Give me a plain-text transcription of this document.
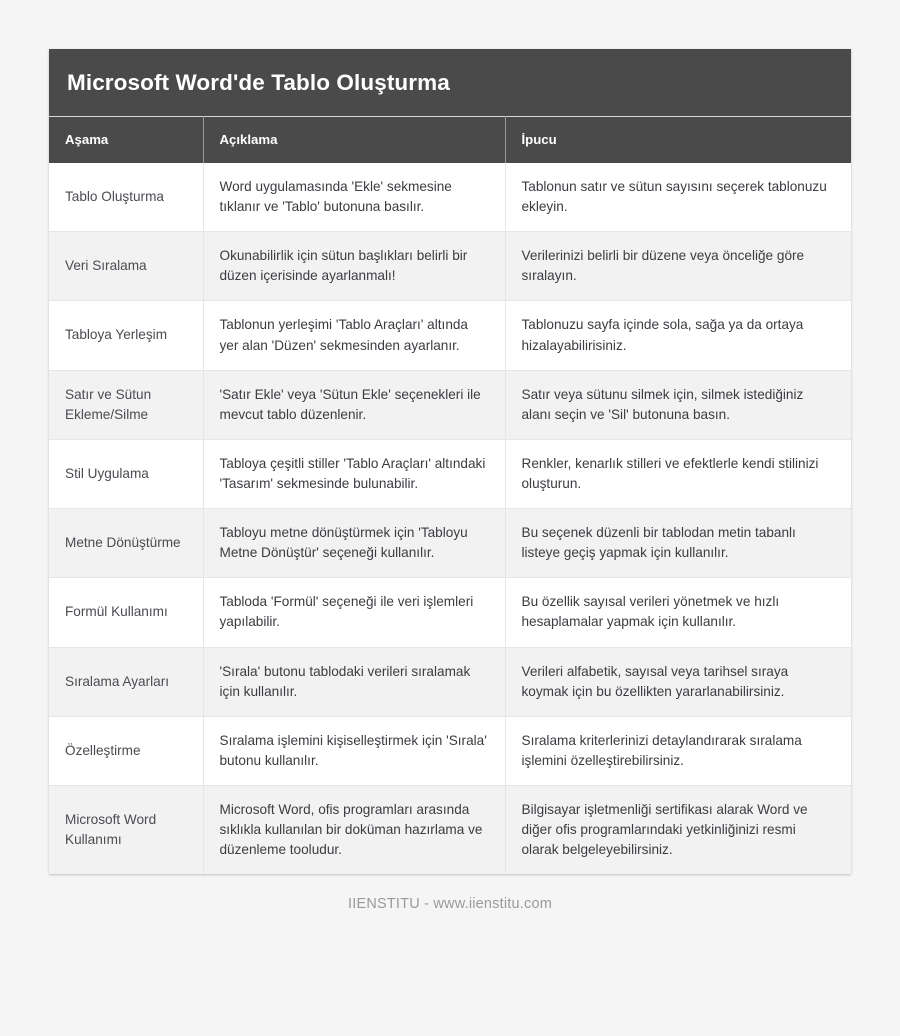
Microsoft Word'de Tablo Oluşturma
Aşama	Açıklama	İpucu
Tablo Oluşturma	Word uygulamasında 'Ekle' sekmesine tıklanır ve 'Tablo' butonuna basılır.	Tablonun satır ve sütun sayısını seçerek tablonuzu ekleyin.
Veri Sıralama	Okunabilirlik için sütun başlıkları belirli bir düzen içerisinde ayarlanmalı!	Verilerinizi belirli bir düzene veya önceliğe göre sıralayın.
Tabloya Yerleşim	Tablonun yerleşimi 'Tablo Araçları' altında yer alan 'Düzen' sekmesinden ayarlanır.	Tablonuzu sayfa içinde sola, sağa ya da ortaya hizalayabilirisiniz.
Satır ve Sütun Ekleme/Silme	'Satır Ekle' veya 'Sütun Ekle' seçenekleri ile mevcut tablo düzenlenir.	Satır veya sütunu silmek için, silmek istediğiniz alanı seçin ve 'Sil' butonuna basın.
Stil Uygulama	Tabloya çeşitli stiller 'Tablo Araçları' altındaki 'Tasarım' sekmesinde bulunabilir.	Renkler, kenarlık stilleri ve efektlerle kendi stilinizi oluşturun.
Metne Dönüştürme	Tabloyu metne dönüştürmek için 'Tabloyu Metne Dönüştür' seçeneği kullanılır.	Bu seçenek düzenli bir tablodan metin tabanlı listeye geçiş yapmak için kullanılır.
Formül Kullanımı	Tabloda 'Formül' seçeneği ile veri işlemleri yapılabilir.	Bu özellik sayısal verileri yönetmek ve hızlı hesaplamalar yapmak için kullanılır.
Sıralama Ayarları	'Sırala' butonu tablodaki verileri sıralamak için kullanılır.	Verileri alfabetik, sayısal veya tarihsel sıraya koymak için bu özellikten yararlanabilirsiniz.
Özelleştirme	Sıralama işlemini kişiselleştirmek için 'Sırala' butonu kullanılır.	Sıralama kriterlerinizi detaylandırarak sıralama işlemini özelleştirebilirsiniz.
Microsoft Word Kullanımı	Microsoft Word, ofis programları arasında sıklıkla kullanılan bir doküman hazırlama ve düzenleme tooludur.	Bilgisayar işletmenliği sertifikası alarak Word ve diğer ofis programlarındaki yetkinliğinizi resmi olarak belgeleyebilirsiniz.
IIENSTITU - www.iienstitu.com
